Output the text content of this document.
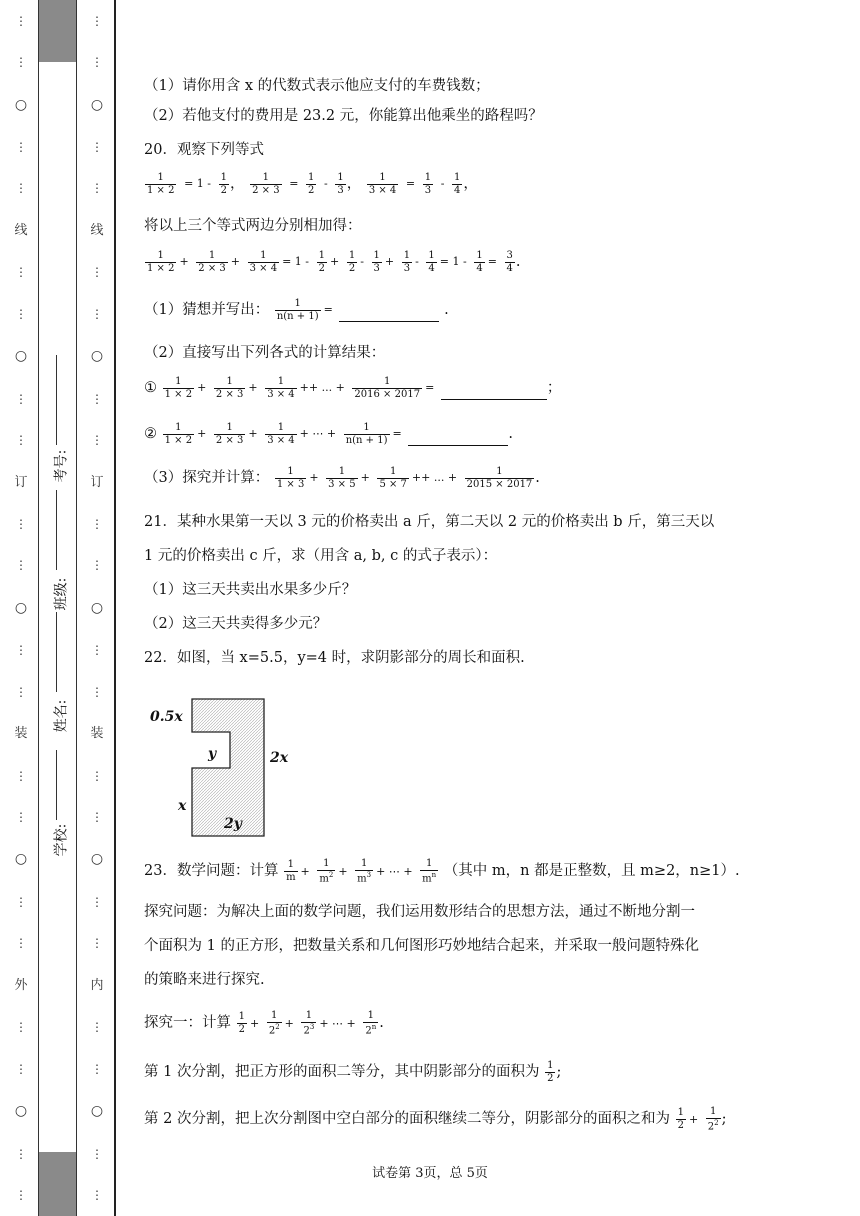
⋮
⋮
○
⋮
⋮
线
⋮
⋮
○
⋮
⋮
订
⋮
⋮
○
⋮
⋮
装
⋮
⋮
○
⋮
⋮
外
⋮
⋮
○
⋮
⋮
⋮
⋮
○
⋮
⋮
线
⋮
⋮
○
⋮
⋮
订
⋮
⋮
○
⋮
⋮
装
⋮
⋮
○
⋮
⋮
内
⋮
⋮
○
⋮
⋮
学校:
姓名:
班级:
考号:
（1）请你用含 x 的代数式表示他应支付的车费钱数；
（2）若他支付的费用是 23.2 元，你能算出他乘坐的路程吗？
20．观察下列等式
$\frac{1}{1 \times 2} = 1 - \frac{1}{2}$ ， $\frac{1}{2 \times 3} = \frac{1}{2} - \frac{1}{3}$ ， $\frac{1}{3 \times 4} = \frac{1}{3} - \frac{1}{4}$ ，
将以上三个等式两边分别相加得：
$\frac{1}{1 \times 2} + \frac{1}{2 \times 3} + \frac{1}{3 \times 4} = 1 - \frac{1}{2} + \frac{1}{2} - \frac{1}{3} + \frac{1}{3} - \frac{1}{4} = 1 - \frac{1}{4} = \frac{3}{4}$ .
（1）猜想并写出： $\frac{1}{n(n + 1)}$ =	.
（2）直接写出下列各式的计算结果：
① $\frac{1}{1 \times 2} + \frac{1}{2 \times 3} + \frac{1}{3 \times 4}$ ++ ... + $\frac{1}{2016 \times 2017}$ =	；
② $\frac{1}{1 \times 2} + \frac{1}{2 \times 3} + \frac{1}{3 \times 4}$ + ⋯ + $\frac{1}{n(n + 1)}$ =	.
（3）探究并计算： $\frac{1}{1 \times 3} + \frac{1}{3 \times 5} + \frac{1}{5 \times 7}$ ++ ... + $\frac{1}{2015 \times 2017}$ .
21．某种水果第一天以 3 元的价格卖出 a 斤，第二天以 2 元的价格卖出 b 斤，第三天以
1 元的价格卖出 c 斤，求（用含 a, b, c 的式子表示）：
（1）这三天共卖出水果多少斤？
（2）这三天共卖得多少元？
22．如图，当 x=5.5，y=4 时，求阴影部分的周长和面积.
0.5x
y	2x
x
2y
23．数学问题：计算 $\frac{1}{m} + \frac{1}{m^2} + \frac{1}{m^3}$ + ⋯ + $\frac{1}{m^n}$ （其中 m，n 都是正整数，且 m≥2，n≥1）.
探究问题：为解决上面的数学问题，我们运用数形结合的思想方法，通过不断地分割一
个面积为 1 的正方形，把数量关系和几何图形巧妙地结合起来，并采取一般问题特殊化
的策略来进行探究.
探究一：计算 $\frac{1}{2} + \frac{1}{2^2} + \frac{1}{2^3}$ + ⋯ + $\frac{1}{2^n}$ .
第 1 次分割，把正方形的面积二等分，其中阴影部分的面积为 $\frac{1}{2}$ ;
第 2 次分割，把上次分割图中空白部分的面积继续二等分，阴影部分的面积之和为 $\frac{1}{2} + \frac{1}{2^2}$ ;
试卷第 3页，总 5页
